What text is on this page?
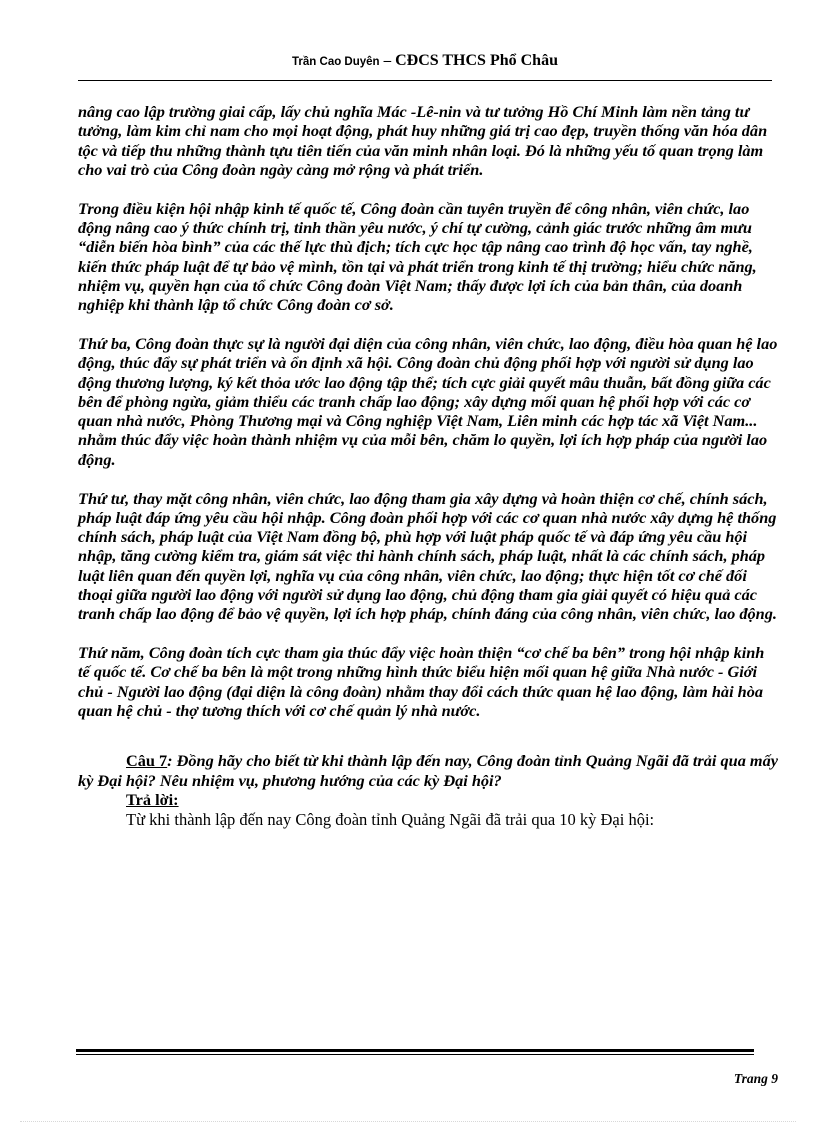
Trần Cao Duyên – CĐCS THCS Phổ Châu

nâng cao lập trường giai cấp, lấy chủ nghĩa Mác -Lê-nin và tư tưởng Hồ Chí Minh làm nền tảng tư tưởng, làm kim chỉ nam cho mọi hoạt động, phát huy những giá trị cao đẹp, truyền thống văn hóa dân tộc và tiếp thu những thành tựu tiên tiến của văn minh nhân loại. Đó là những yếu tố quan trọng làm cho vai trò của Công đoàn ngày càng mở rộng và phát triển.

Trong điều kiện hội nhập kinh tế quốc tế, Công đoàn cần tuyên truyền để công nhân, viên chức, lao động nâng cao ý thức chính trị, tinh thần yêu nước, ý chí tự cường, cảnh giác trước những âm mưu “diễn biến hòa bình” của các thế lực thù địch; tích cực học tập nâng cao trình độ học vấn, tay nghề, kiến thức pháp luật để tự bảo vệ mình, tồn tại và phát triển trong kinh tế thị trường; hiểu chức năng, nhiệm vụ, quyền hạn của tổ chức Công đoàn Việt Nam; thấy được lợi ích của bản thân, của doanh nghiệp khi thành lập tổ chức Công đoàn cơ sở.

Thứ ba, Công đoàn thực sự là người đại diện của công nhân, viên chức, lao động, điều hòa quan hệ lao động, thúc đẩy sự phát triển và ổn định xã hội. Công đoàn chủ động phối hợp với người sử dụng lao động thương lượng, ký kết thỏa ước lao động tập thể; tích cực giải quyết mâu thuẫn, bất đồng giữa các bên để phòng ngừa, giảm thiểu các tranh chấp lao động; xây dựng mối quan hệ phối hợp với các cơ quan nhà nước, Phòng Thương mại và Công nghiệp Việt Nam, Liên minh các hợp tác xã Việt Nam... nhằm thúc đẩy việc hoàn thành nhiệm vụ của mỗi bên, chăm lo quyền, lợi ích hợp pháp của người lao động.

Thứ tư, thay mặt công nhân, viên chức, lao động tham gia xây dựng và hoàn thiện cơ chế, chính sách, pháp luật đáp ứng yêu cầu hội nhập. Công đoàn phối hợp với các cơ quan nhà nước xây dựng hệ thống chính sách, pháp luật của Việt Nam đồng bộ, phù hợp với luật pháp quốc tế và đáp ứng yêu cầu hội nhập, tăng cường kiểm tra, giám sát việc thi hành chính sách, pháp luật, nhất là các chính sách, pháp luật liên quan đến quyền lợi, nghĩa vụ của công nhân, viên chức, lao động; thực hiện tốt cơ chế đối thoại giữa người lao động với người sử dụng lao động, chủ động tham gia giải quyết có hiệu quả các tranh chấp lao động để bảo vệ quyền, lợi ích hợp pháp, chính đáng của công nhân, viên chức, lao động.

Thứ năm, Công đoàn tích cực tham gia thúc đẩy việc hoàn thiện “cơ chế ba bên” trong hội nhập kinh tế quốc tế. Cơ chế ba bên là một trong những hình thức biểu hiện mối quan hệ giữa Nhà nước - Giới chủ - Người lao động (đại diện là công đoàn) nhằm thay đổi cách thức quan hệ lao động, làm hài hòa quan hệ chủ - thợ tương thích với cơ chế quản lý nhà nước.

Câu 7: Đồng hãy cho biết từ khi thành lập đến nay, Công đoàn tỉnh Quảng Ngãi đã trải qua mấy kỳ Đại hội? Nêu nhiệm vụ, phương hướng của các kỳ Đại hội?

Trả lời:

Từ khi thành lập đến nay Công đoàn tỉnh Quảng Ngãi đã trải qua 10 kỳ Đại hội:

Trang 9
